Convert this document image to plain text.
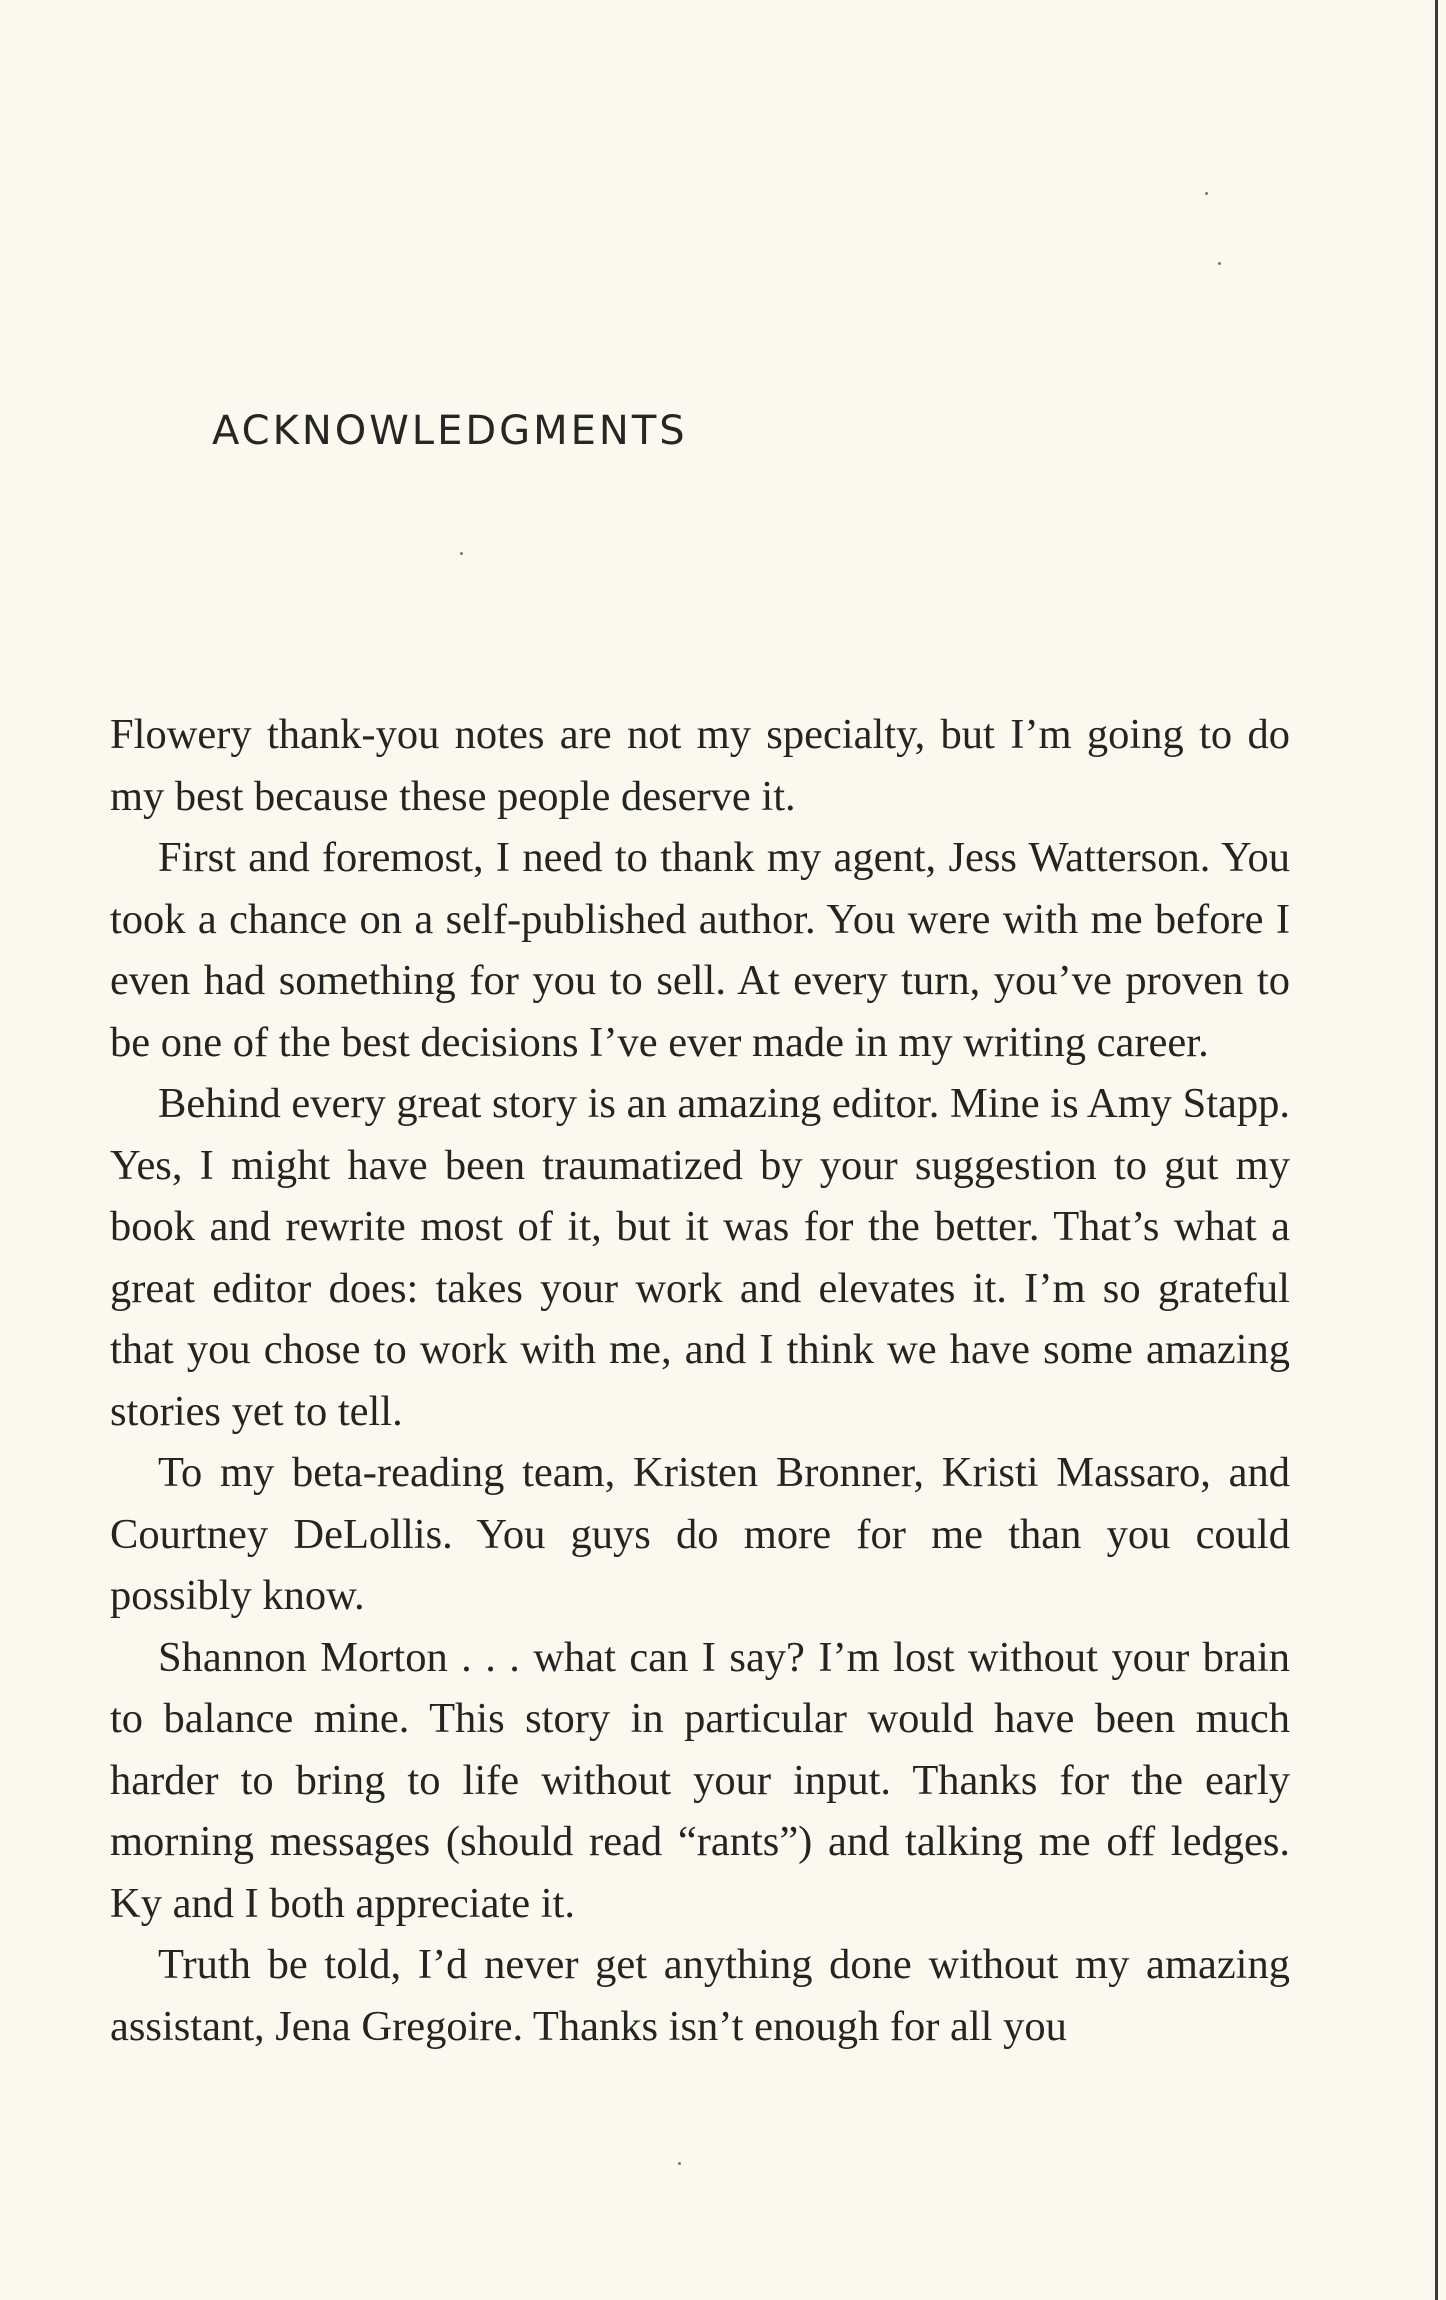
ACKNOWLEDGMENTS

Flowery thank-you notes are not my specialty, but I’m going to do my best because these people deserve it.

First and foremost, I need to thank my agent, Jess Watterson. You took a chance on a self-published author. You were with me before I even had something for you to sell. At every turn, you’ve proven to be one of the best decisions I’ve ever made in my writing career.

Behind every great story is an amazing editor. Mine is Amy Stapp. Yes, I might have been traumatized by your suggestion to gut my book and rewrite most of it, but it was for the better. That’s what a great editor does: takes your work and elevates it. I’m so grateful that you chose to work with me, and I think we have some amazing stories yet to tell.

To my beta-reading team, Kristen Bronner, Kristi Massaro, and Courtney DeLollis. You guys do more for me than you could possibly know.

Shannon Morton . . . what can I say? I’m lost without your brain to balance mine. This story in particular would have been much harder to bring to life without your input. Thanks for the early morning messages (should read “rants”) and talking me off ledges. Ky and I both appreciate it.

Truth be told, I’d never get anything done without my amazing assistant, Jena Gregoire. Thanks isn’t enough for all you
